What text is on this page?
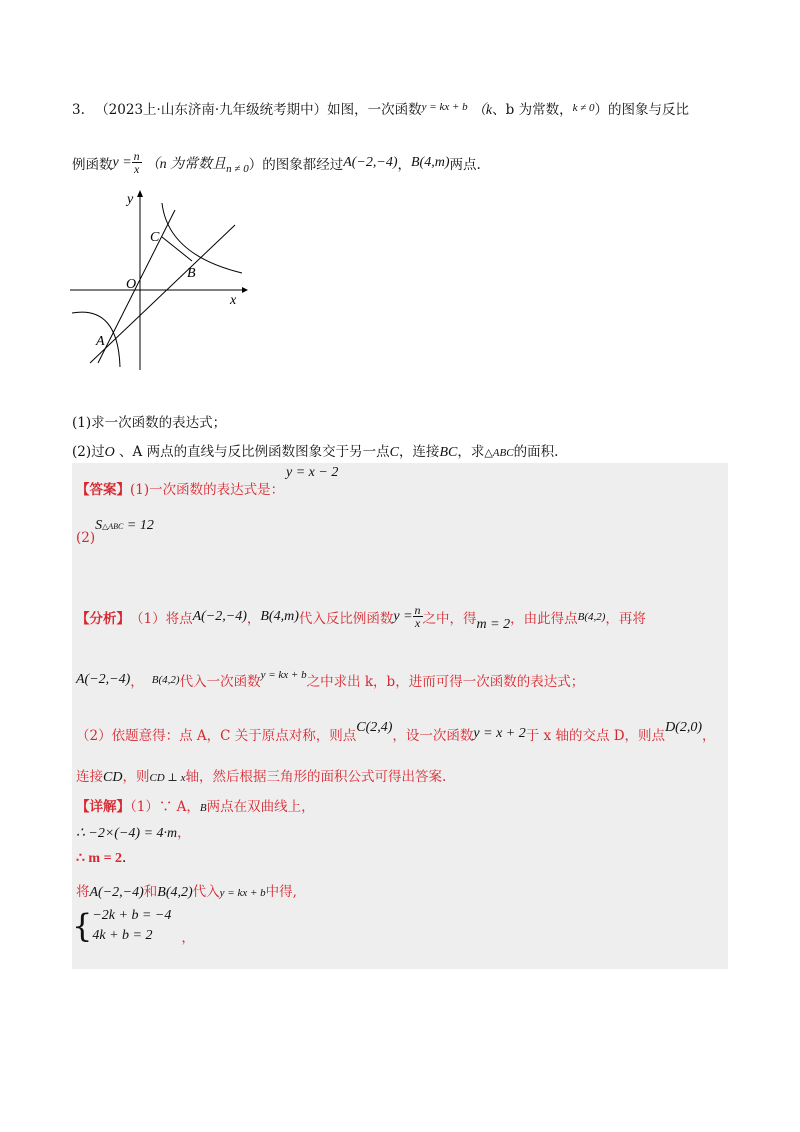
3. （2023上·山东济南·九年级统考期中）如图，一次函数$^{y = kx + b}$ （k、b 为常数，$^{k \ne 0}$）的图象与反比
例函数 $y = \frac{n}{x} (n$ 为常数且 n ≠ 0 ）的图象都经过 A(−2,−4) ， B(4,m) 两点.
y
x
O
A
B
C
(1)求一次函数的表达式；
(2)过O 、A 两点的直线与反比例函数图象交于另一点C，连接BC，求△ABC的面积.
【答案】(1)一次函数的表达式是：
y = x − 2
(2)S△ABC = 12
【分析】 （1）将点 A(−2,−4) ， B(4,m) 代入反比例函数 $y = \frac{n}{x}$ 之中，得 m = 2 ，由此得点 B(4,2) ，再将
A(−2,−4) ， B(4,2) 代入一次函数 y = kx + b 之中求出 k，b，进而可得一次函数的表达式；
（2）依题意得：点 A，C 关于原点对称，则点
C(2,4)
，设一次函数 y = x + 2 于 x 轴的交点 D，则点
D(2,0)
，
连接CD，则CD ⊥ x轴，然后根据三角形的面积公式可得出答案.
【详解】（1）∵ A，B两点在双曲线上，
∴ −2×(−4) = 4·m，
∴ m = 2.
将A(−2,−4)和B(4,2)代入y = kx + b中得,
{ −2k + b = −4
4k + b = 2	，
